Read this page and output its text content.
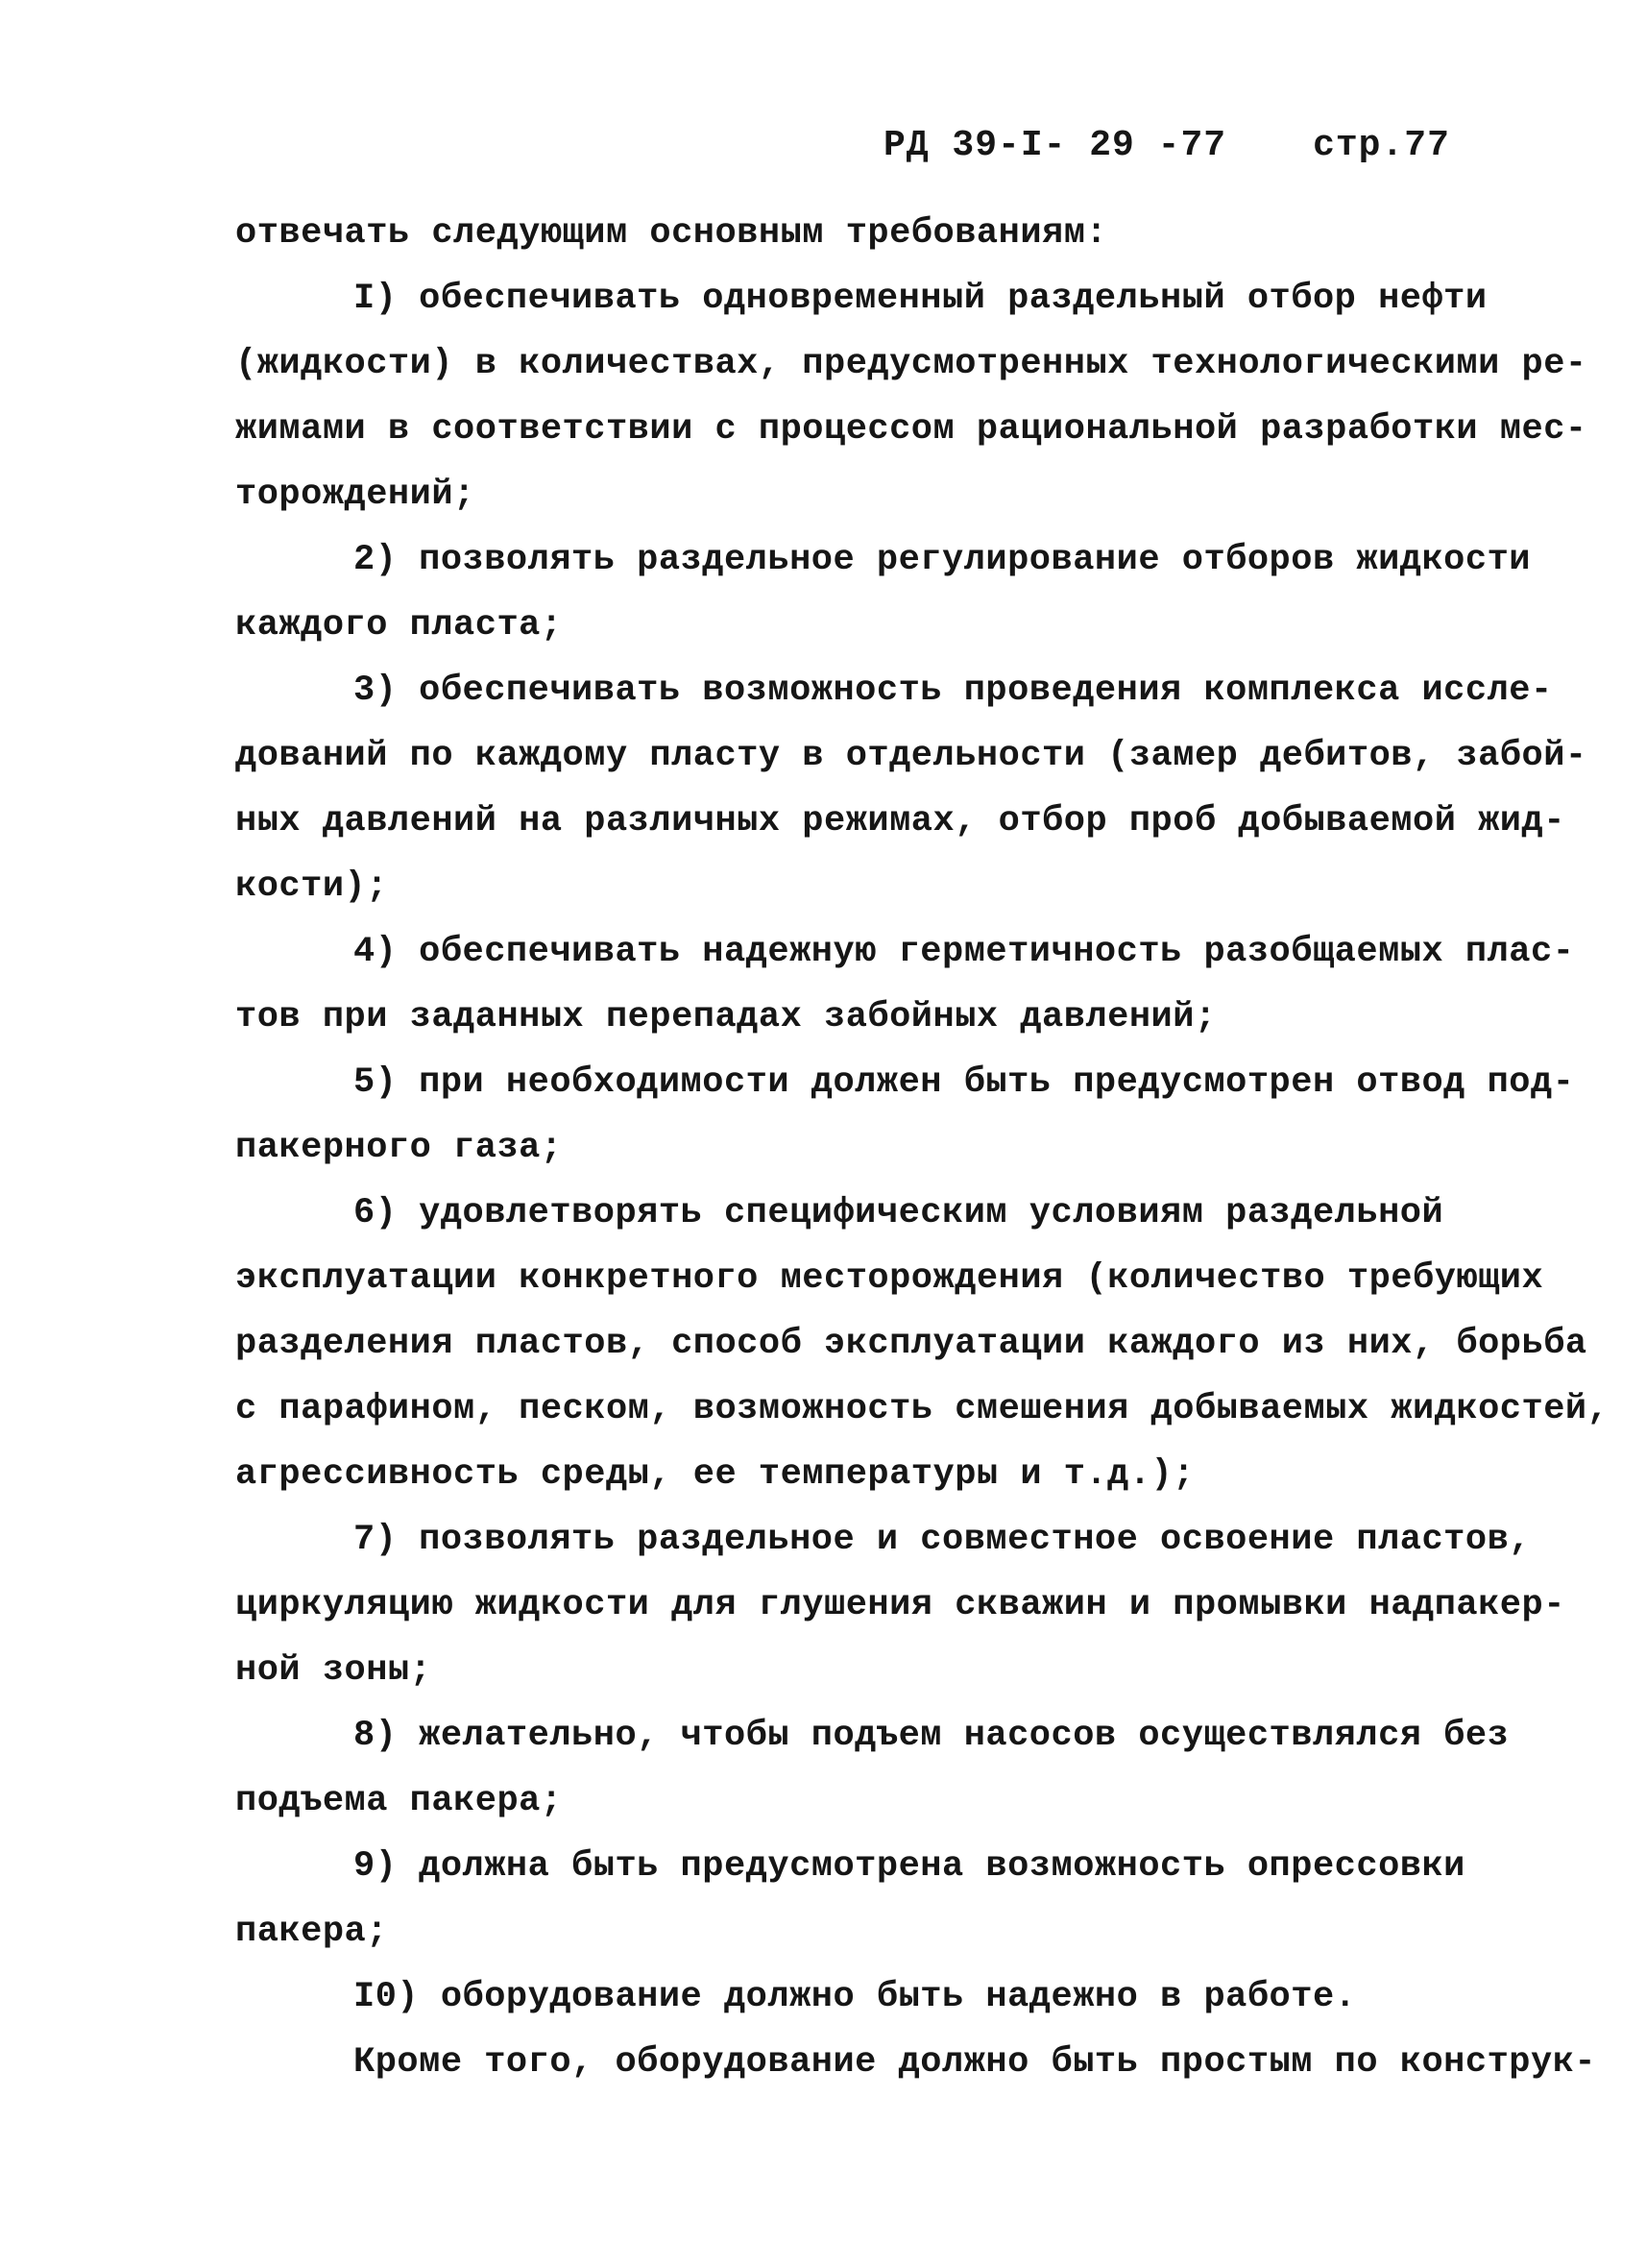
РД 39-I- 29 -77 стр.77
отвечать следующим основным требованиям:
I) обеспечивать одновременный раздельный отбор нефти
(жидкости) в количествах, предусмотренных технологическими ре-
жимами в соответствии с процессом рациональной разработки мес-
торождений;
2) позволять раздельное регулирование отборов жидкости
каждого пласта;
3) обеспечивать возможность проведения комплекса иссле-
дований по каждому пласту в отдельности (замер дебитов, забой-
ных давлений на различных режимах, отбор проб добываемой жид-
кости);
4) обеспечивать надежную герметичность разобщаемых плас-
тов при заданных перепадах забойных давлений;
5) при необходимости должен быть предусмотрен отвод под-
пакерного газа;
6) удовлетворять специфическим условиям раздельной
эксплуатации конкретного месторождения (количество требующих
разделения пластов, способ эксплуатации каждого из них, борьба
с парафином, песком, возможность смешения добываемых жидкостей,
агрессивность среды, ее температуры и т.д.);
7) позволять раздельное и совместное освоение пластов,
циркуляцию жидкости для глушения скважин и промывки надпакер-
ной зоны;
8) желательно, чтобы подъем насосов осуществлялся без
подъема пакера;
9) должна быть предусмотрена возможность опрессовки
пакера;
I0) оборудование должно быть надежно в работе.
Кроме того, оборудование должно быть простым по конструк-
